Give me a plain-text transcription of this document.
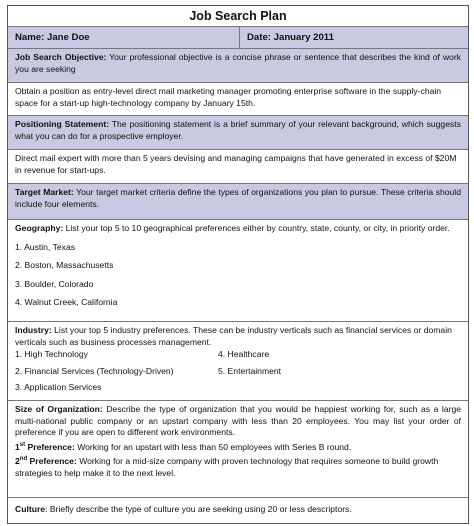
Job Search Plan
Name: Jane Doe	Date: January 2011
Job Search Objective: Your professional objective is a concise phrase or sentence that describes the kind of work you are seeking
Obtain a position as entry-level direct mail marketing manager promoting enterprise software in the supply-chain space for a start-up high-technology company by January 15th.
Positioning Statement: The positioning statement is a brief summary of your relevant background, which suggests what you can do for a prospective employer.
Direct mail expert with more than 5 years devising and managing campaigns that have generated in excess of $20M in revenue for start-ups.
Target Market: Your target market criteria define the types of organizations you plan to pursue. These criteria should include four elements.
Geography: List your top 5 to 10 geographical preferences either by country, state, county, or city, in priority order.
1. Austin, Texas
2. Boston, Massachusetts
3. Boulder, Colorado
4. Walnut Creek, California
Industry: List your top 5 industry preferences. These can be industry verticals such as financial services or domain verticals such as business processes management.
1. High Technology
2. Financial Services (Technology-Driven)
3. Application Services
4. Healthcare
5. Entertainment
Size of Organization: Describe the type of organization that you would be happiest working for, such as a large multi-national public company or an upstart company with less than 20 employees. You may list your order of preference if you are open to different work environments.
1st Preference: Working for an upstart with less than 50 employees with Series B round.
2nd Preference: Working for a mid-size company with proven technology that requires someone to build growth strategies to help make it to the next level.
Culture: Briefly describe the type of culture you are seeking using 20 or less descriptors.
